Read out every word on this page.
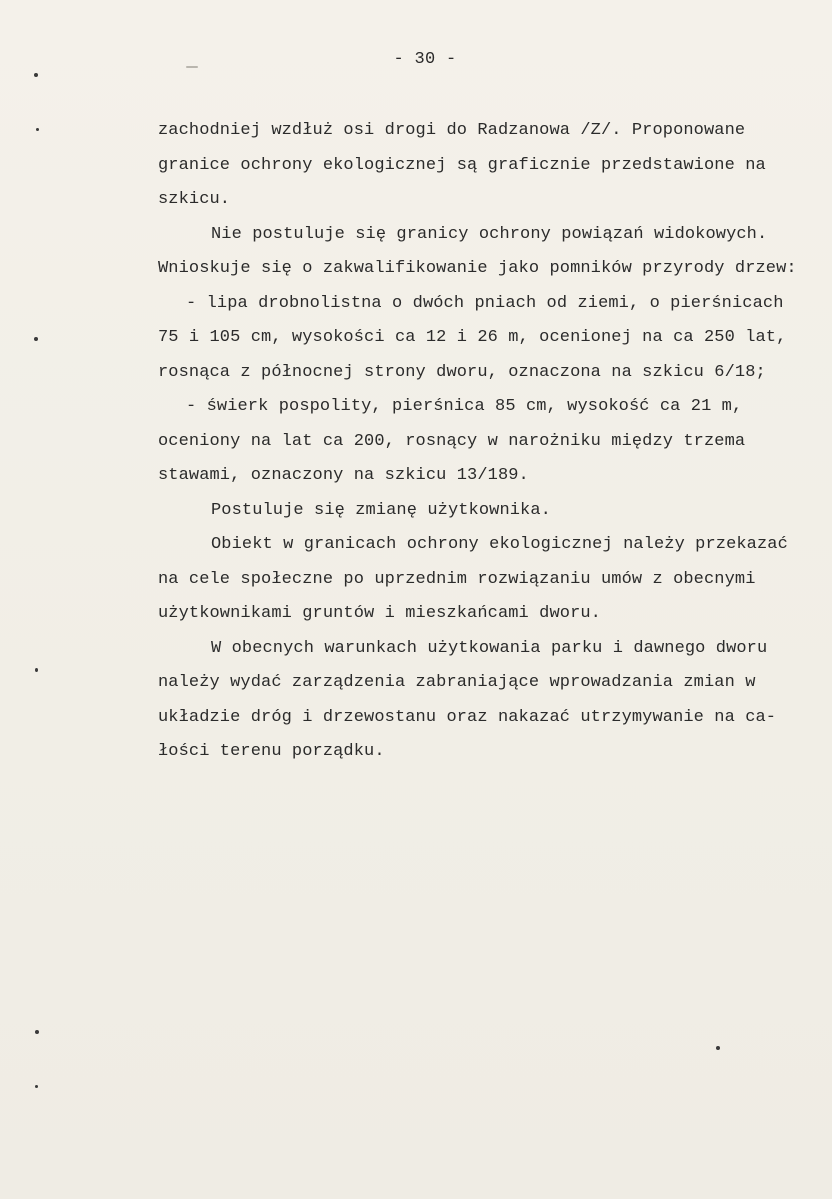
- 30 -
zachodniej wzdłuż osi drogi do Radzanowa /Z/. Proponowane
granice ochrony ekologicznej są graficznie przedstawione na
szkicu.
Nie postuluje się granicy ochrony powiązań widokowych.
Wnioskuje się o zakwalifikowanie jako pomników przyrody drzew:
- lipa drobnolistna o dwóch pniach od ziemi, o pierśnicach
75 i 105 cm, wysokości ca 12 i 26 m, ocenionej na ca 250 lat,
rosnąca z północnej strony dworu, oznaczona na szkicu 6/18;
- świerk pospolity, pierśnica 85 cm, wysokość ca 21 m,
oceniony na lat ca 200, rosnący w narożniku między trzema
stawami, oznaczony na szkicu 13/189.
Postuluje się zmianę użytkownika.
Obiekt w granicach ochrony ekologicznej należy przekazać
na cele społeczne po uprzednim rozwiązaniu umów z obecnymi
użytkownikami gruntów i mieszkańcami dworu.
W obecnych warunkach użytkowania parku i dawnego dworu
należy wydać zarządzenia zabraniające wprowadzania zmian w
układzie dróg i drzewostanu oraz nakazać utrzymywanie na ca-
łości terenu porządku.
